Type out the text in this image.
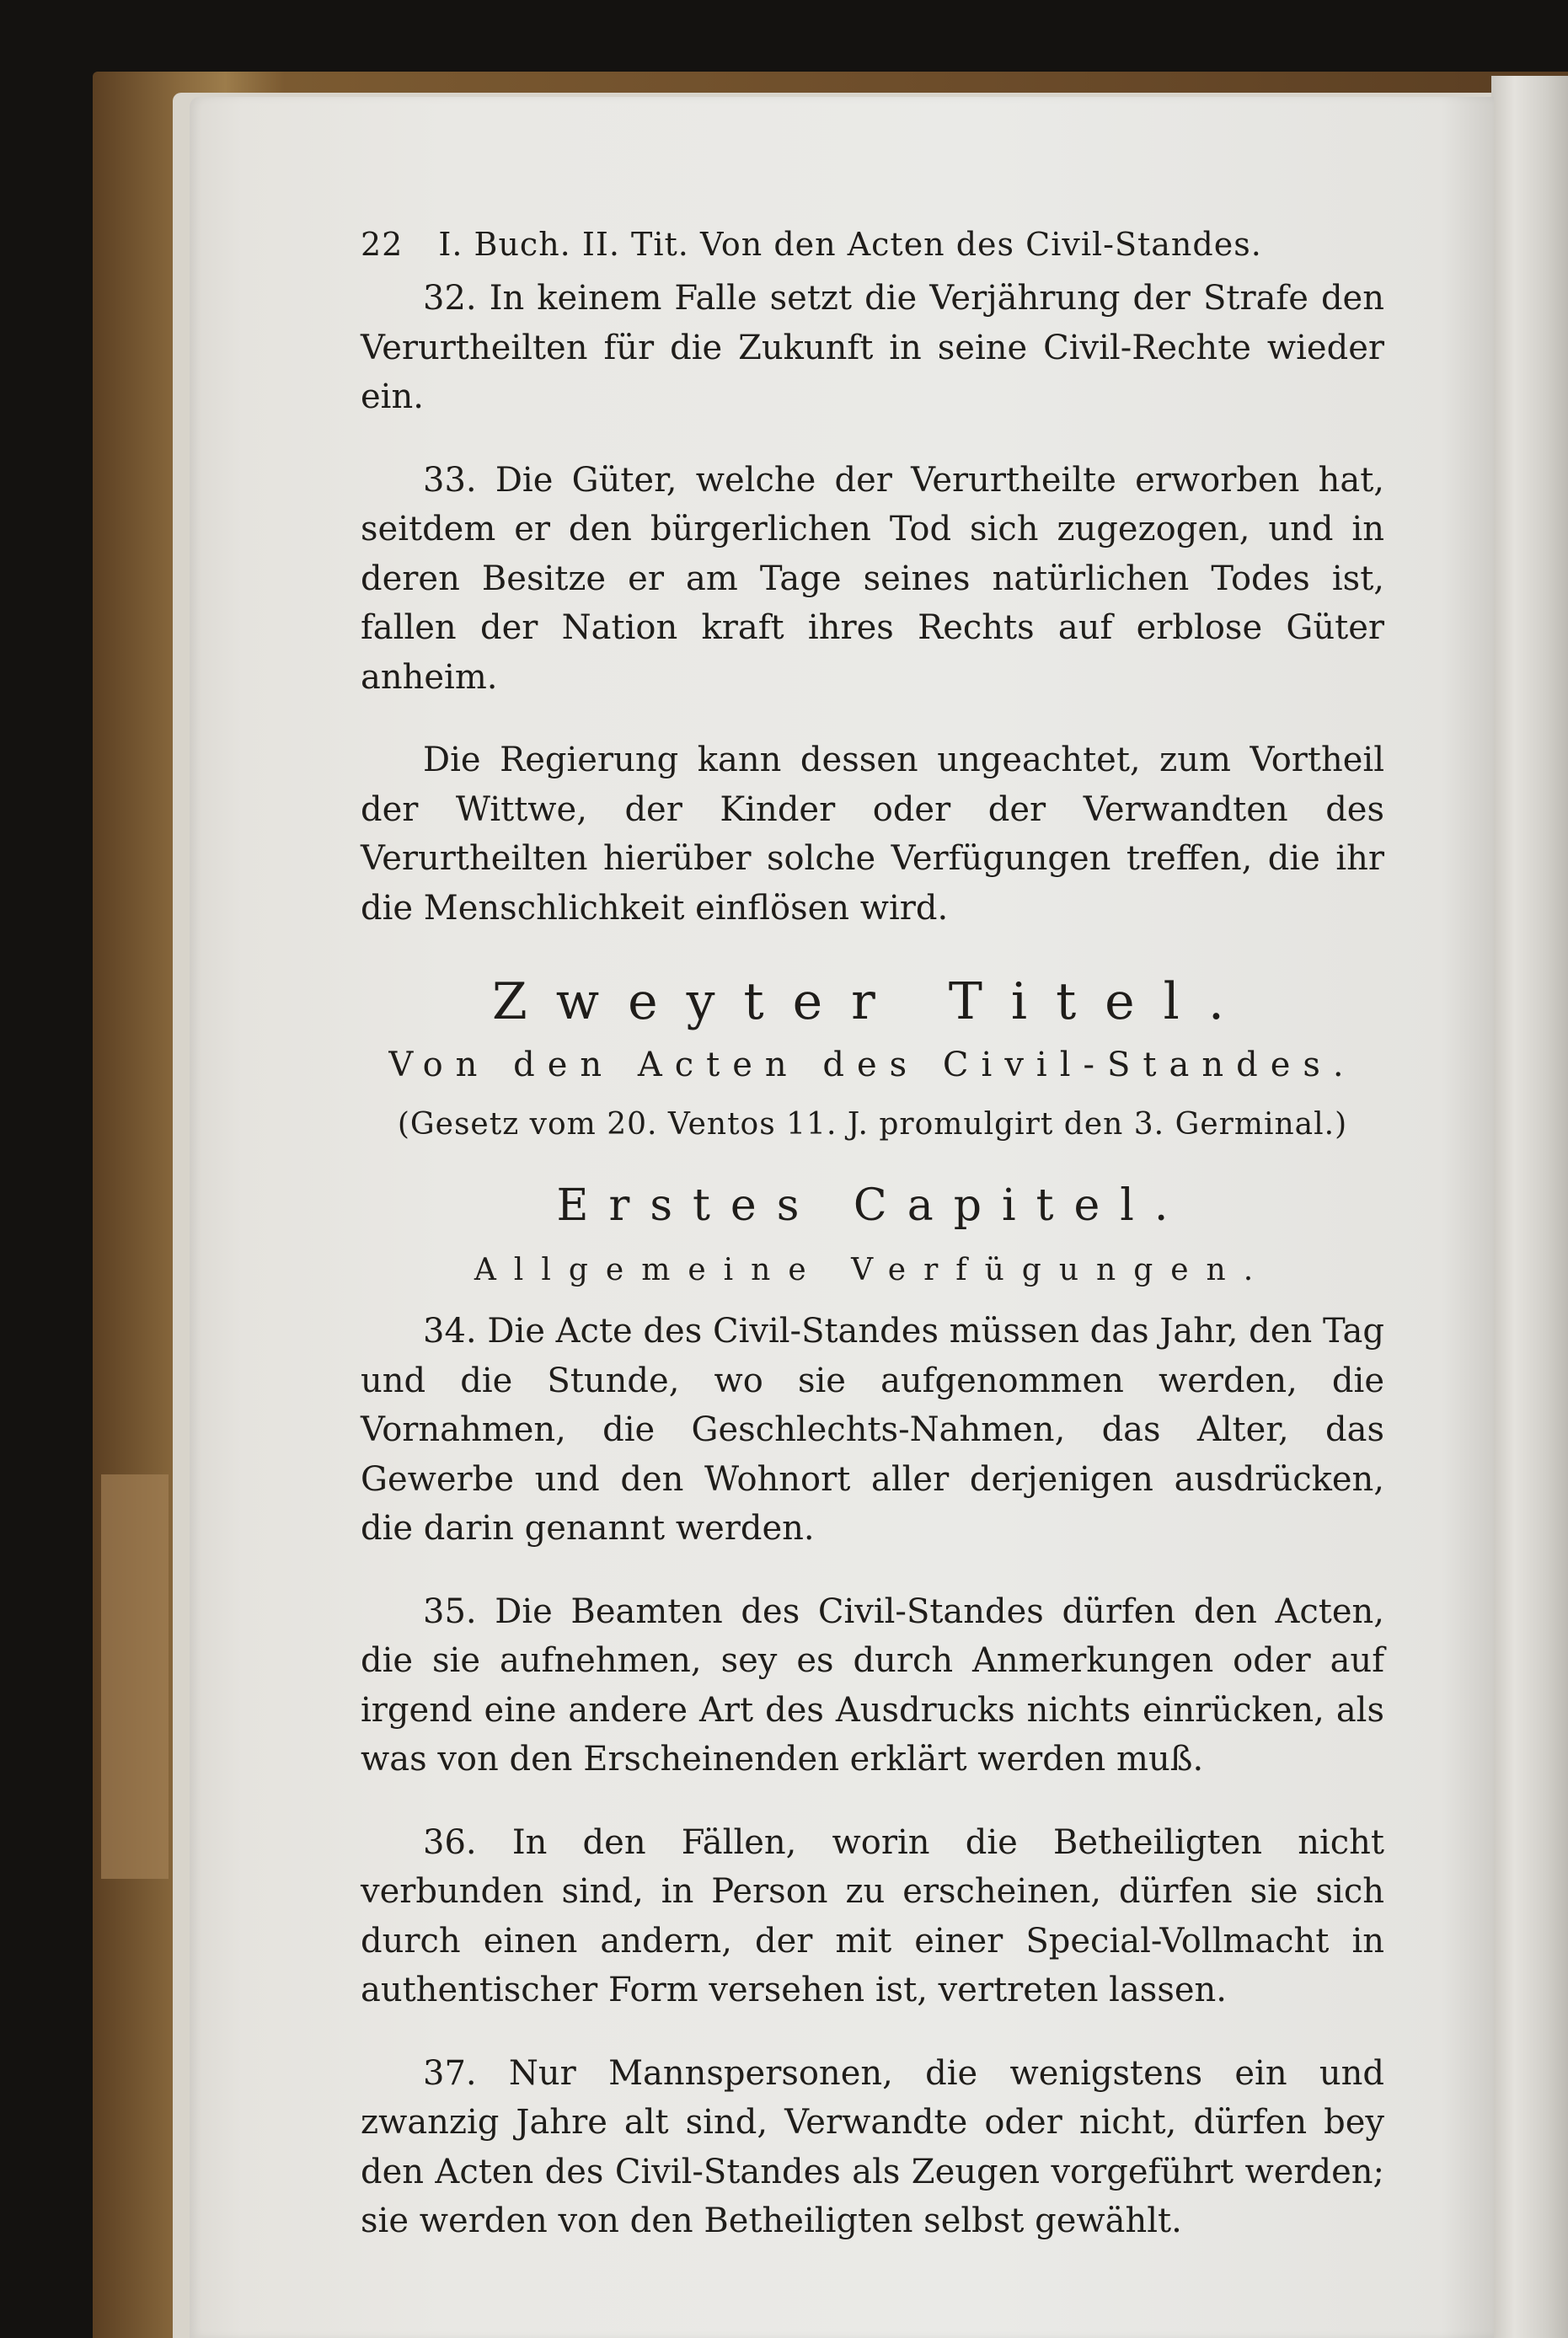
22 I. Buch. II. Tit. Von den Acten des Civil-Standes.

32. In keinem Falle setzt die Verjährung der Strafe den Verurtheilten für die Zukunft in seine Civil-Rechte wieder ein.

33. Die Güter, welche der Verurtheilte erworben hat, seitdem er den bürgerlichen Tod sich zugezogen, und in deren Besitze er am Tage seines natürlichen Todes ist, fallen der Nation kraft ihres Rechts auf erblose Güter anheim.

Die Regierung kann dessen ungeachtet, zum Vortheil der Wittwe, der Kinder oder der Verwandten des Verurtheilten hierüber solche Verfügungen treffen, die ihr die Menschlichkeit einflösen wird.

Zweyter Titel.
Von den Acten des Civil-Standes.
(Gesetz vom 20. Ventos 11. J. promulgirt den 3. Germinal.)
Erstes Capitel.
Allgemeine Verfügungen.

34. Die Acte des Civil-Standes müssen das Jahr, den Tag und die Stunde, wo sie aufgenommen werden, die Vornahmen, die Geschlechts-Nahmen, das Alter, das Gewerbe und den Wohnort aller derjenigen ausdrücken, die darin genannt werden.

35. Die Beamten des Civil-Standes dürfen den Acten, die sie aufnehmen, sey es durch Anmerkungen oder auf irgend eine andere Art des Ausdrucks nichts einrücken, als was von den Erscheinenden erklärt werden muß.

36. In den Fällen, worin die Betheiligten nicht verbunden sind, in Person zu erscheinen, dürfen sie sich durch einen andern, der mit einer Special-Vollmacht in authentischer Form versehen ist, vertreten lassen.

37. Nur Mannspersonen, die wenigstens ein und zwanzig Jahre alt sind, Verwandte oder nicht, dürfen bey den Acten des Civil-Standes als Zeugen vorgeführt werden; sie werden von den Betheiligten selbst gewählt.
